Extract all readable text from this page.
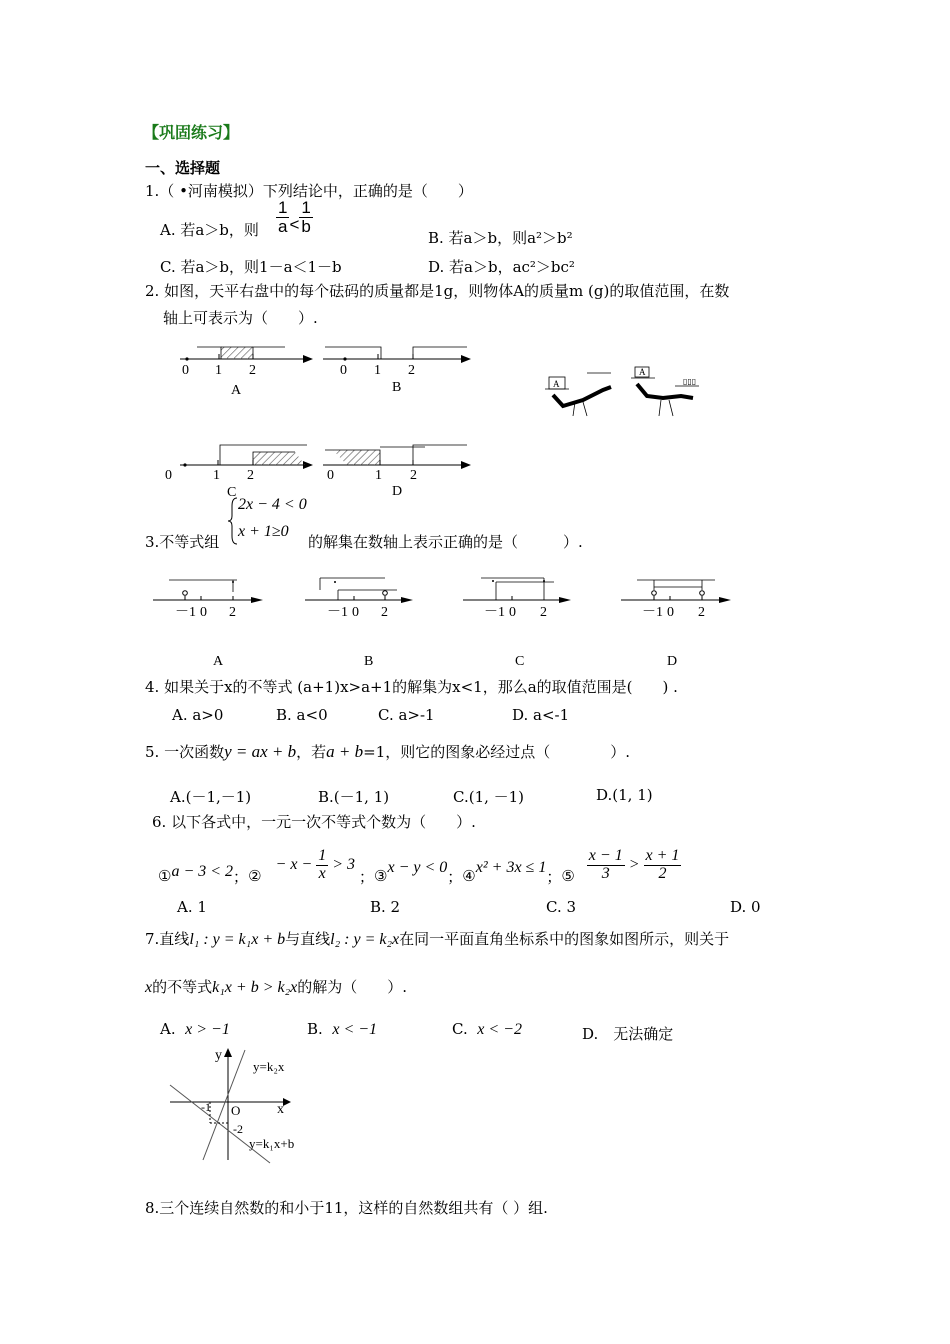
【巩固练习】
一、选择题
1.（ •河南模拟）下列结论中，正确的是（　　）
A. 若a＞b，则 $\frac{1}{a} < \frac{1}{b}$
B. 若a＞b，则a²＞b²
C. 若a＞b，则1－a＜1－b	D. 若a＞b，ac²＞bc²
2. 如图，天平右盘中的每个砝码的质量都是1g，则物体A的质量m (g)的取值范围，在数
轴上可表示为（　　）.
0 1 2
A
0 1 2
B
0	1 2
C
0	1 2
D
A
A
▯▯▯
3.不等式组
2x − 4 < 0
x + 1≥0
的解集在数轴上表示正确的是（　　　）.
－1 0 2
A
－1 0 2
B
－1 0 2
C
－1 0 2
D
4. 如果关于x的不等式 (a+1)x>a+1的解集为x<1，那么a的取值范围是(　　) .
A. a>0	B. a<0	C. a>-1	D. a<-1
5. 一次函数y = ax + b，若a + b=1，则它的图象必经过点（　　　　）.
A.(－1,－1)	B.(－1, 1)	C.(1, －1)	D.(1, 1)
6. 以下各式中，一元一次不等式个数为（　　）.
① a − 3 < 2 ； ②
− $x - \frac{1}{x} > 3$
； ③ x − y < 0 ； ④ x² + 3x ≤ 1 ； ⑤ $\frac{x - 1}{3} > \frac{x + 1}{2}$
A. 1	B. 2	C. 3	D. 0
7.直线l₁ : y = k₁x + b与直线l₂ : y = k₂x在同一平面直角坐标系中的图象如图所示，则关于
x的不等式k₁x + b > k₂x的解为（　　）.
A. x > −1	B. x < −1	C. x < −2	D.　无法确定
y
x
O
-1
-2
y=k₂x
y=k₁x+b
8.三个连续自然数的和小于11，这样的自然数组共有（ ）组.
